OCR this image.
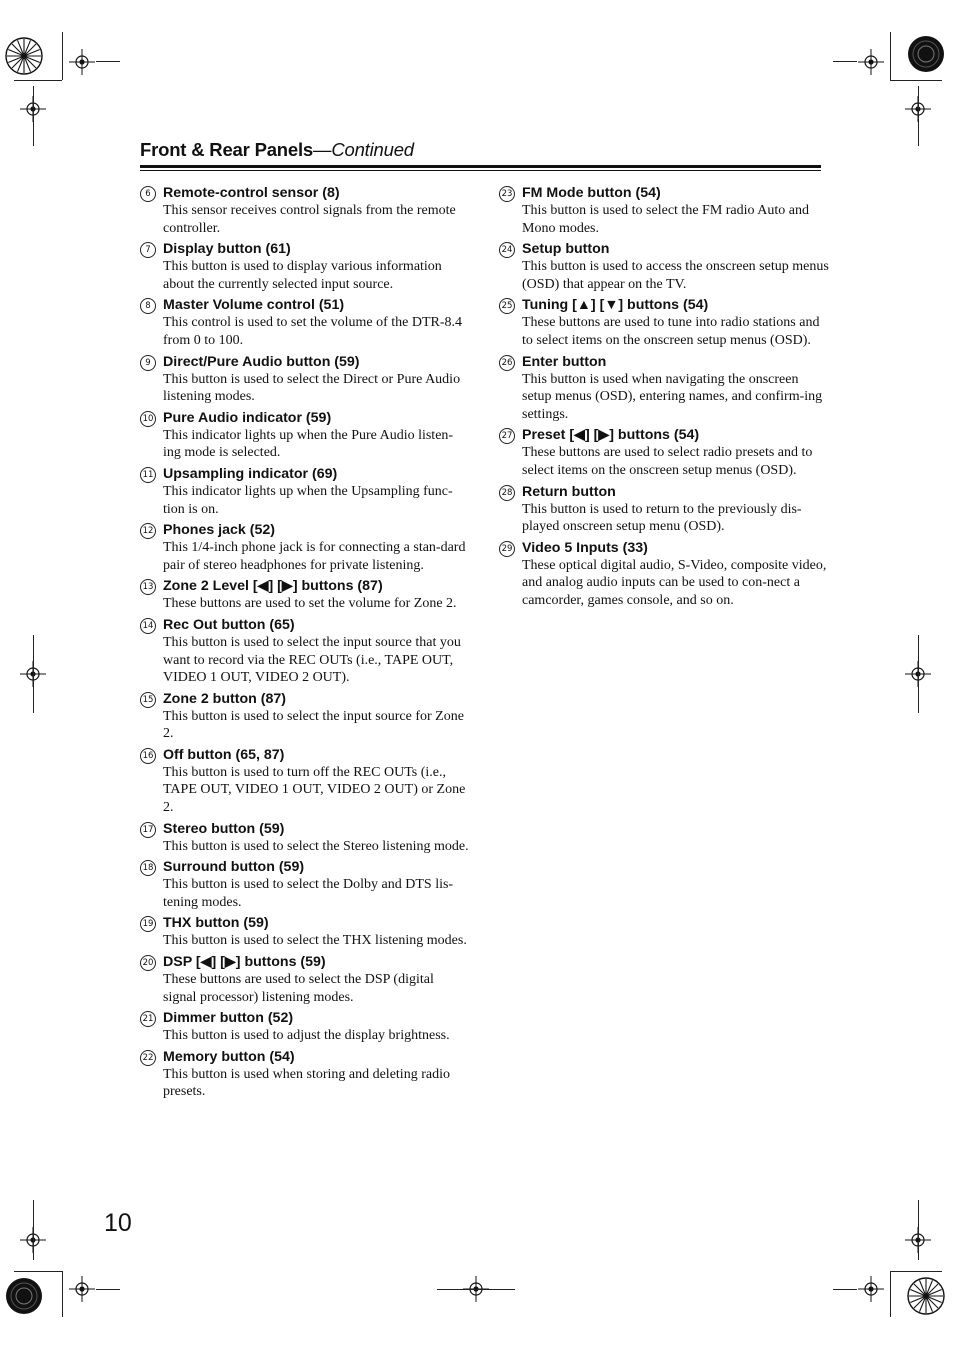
Front & Rear Panels—Continued
6 Remote-control sensor (8)
This sensor receives control signals from the remote controller.
7 Display button (61)
This button is used to display various information about the currently selected input source.
8 Master Volume control (51)
This control is used to set the volume of the DTR-8.4 from 0 to 100.
9 Direct/Pure Audio button (59)
This button is used to select the Direct or Pure Audio listening modes.
10 Pure Audio indicator (59)
This indicator lights up when the Pure Audio listen-ing mode is selected.
11 Upsampling indicator (69)
This indicator lights up when the Upsampling func-tion is on.
12 Phones jack (52)
This 1/4-inch phone jack is for connecting a stan-dard pair of stereo headphones for private listening.
13 Zone 2 Level [◀] [▶] buttons (87)
These buttons are used to set the volume for Zone 2.
14 Rec Out button (65)
This button is used to select the input source that you want to record via the REC OUTs (i.e., TAPE OUT, VIDEO 1 OUT, VIDEO 2 OUT).
15 Zone 2 button (87)
This button is used to select the input source for Zone 2.
16 Off button (65, 87)
This button is used to turn off the REC OUTs (i.e., TAPE OUT, VIDEO 1 OUT, VIDEO 2 OUT) or Zone 2.
17 Stereo button (59)
This button is used to select the Stereo listening mode.
18 Surround button (59)
This button is used to select the Dolby and DTS lis-tening modes.
19 THX button (59)
This button is used to select the THX listening modes.
20 DSP [◀] [▶] buttons (59)
These buttons are used to select the DSP (digital signal processor) listening modes.
21 Dimmer button (52)
This button is used to adjust the display brightness.
22 Memory button (54)
This button is used when storing and deleting radio presets.
23 FM Mode button (54)
This button is used to select the FM radio Auto and Mono modes.
24 Setup button
This button is used to access the onscreen setup menus (OSD) that appear on the TV.
25 Tuning [▲] [▼] buttons (54)
These buttons are used to tune into radio stations and to select items on the onscreen setup menus (OSD).
26 Enter button
This button is used when navigating the onscreen setup menus (OSD), entering names, and confirm-ing settings.
27 Preset [◀] [▶] buttons (54)
These buttons are used to select radio presets and to select items on the onscreen setup menus (OSD).
28 Return button
This button is used to return to the previously dis-played onscreen setup menu (OSD).
29 Video 5 Inputs (33)
These optical digital audio, S-Video, composite video, and analog audio inputs can be used to con-nect a camcorder, games console, and so on.
10
